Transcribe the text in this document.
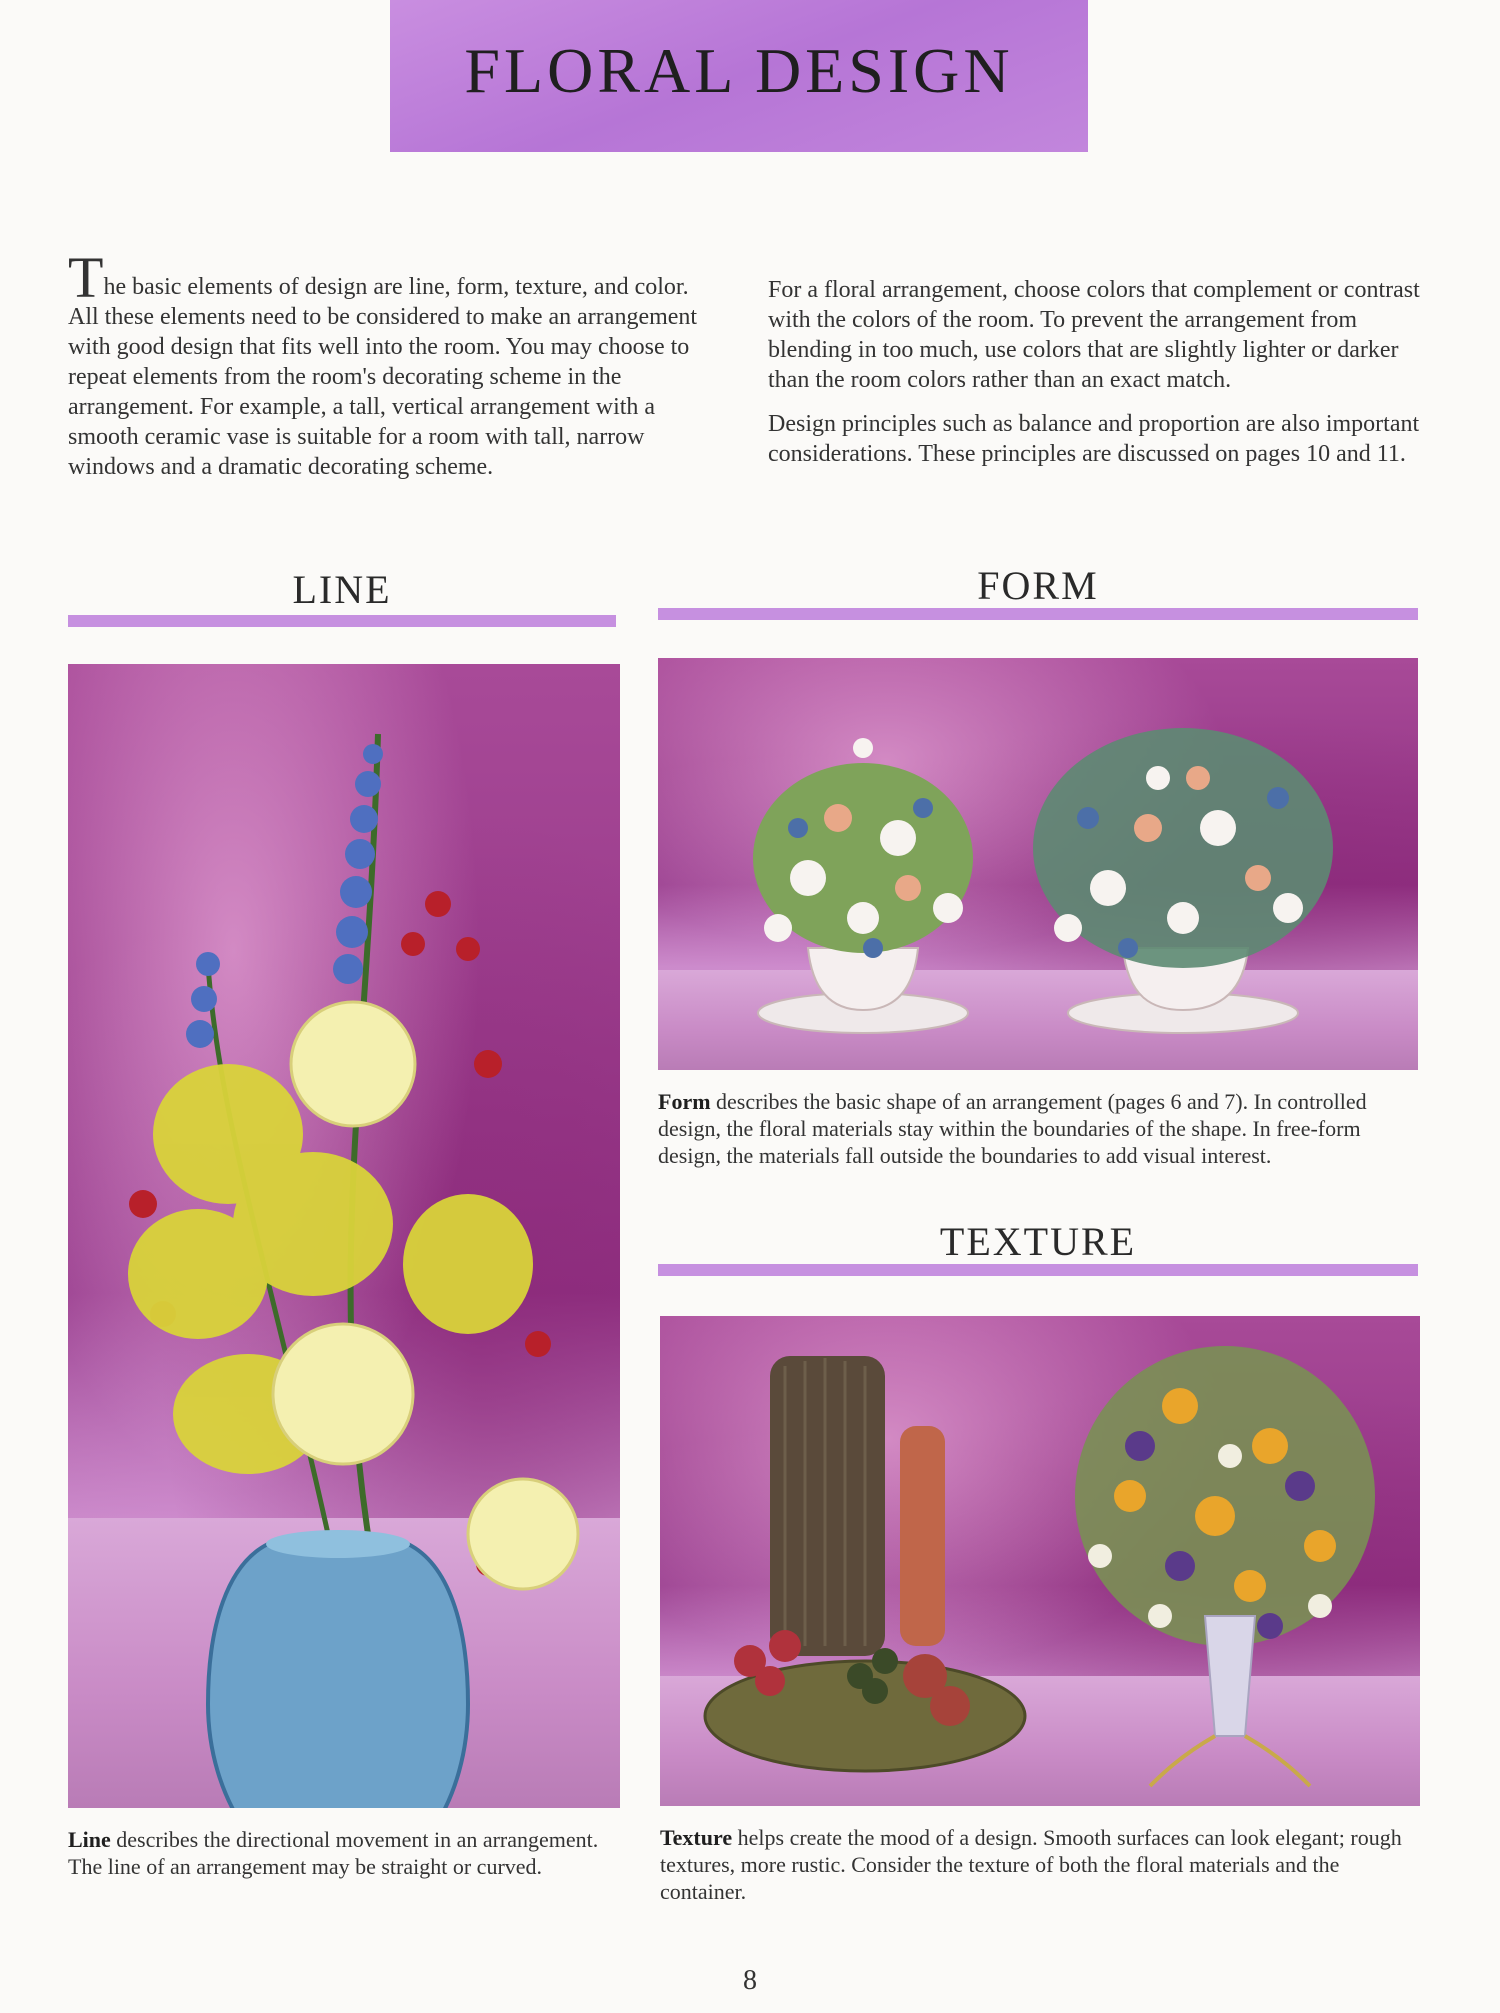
FLORAL DESIGN

The basic elements of design are line, form, texture, and color. All these elements need to be considered to make an arrangement with good design that fits well into the room. You may choose to repeat elements from the room's decorating scheme in the arrangement. For example, a tall, vertical arrangement with a smooth ceramic vase is suitable for a room with tall, narrow windows and a dramatic decorating scheme.

For a floral arrangement, choose colors that complement or contrast with the colors of the room. To prevent the arrangement from blending in too much, use colors that are slightly lighter or darker than the room colors rather than an exact match.

Design principles such as balance and proportion are also important considerations. These principles are discussed on pages 10 and 11.

LINE
Line describes the directional movement in an arrangement. The line of an arrangement may be straight or curved.
FORM
Form describes the basic shape of an arrangement (pages 6 and 7). In controlled design, the floral materials stay within the boundaries of the shape. In free-form design, the materials fall outside the boundaries to add visual interest.
TEXTURE
Texture helps create the mood of a design. Smooth surfaces can look elegant; rough textures, more rustic. Consider the texture of both the floral materials and the container.
8
